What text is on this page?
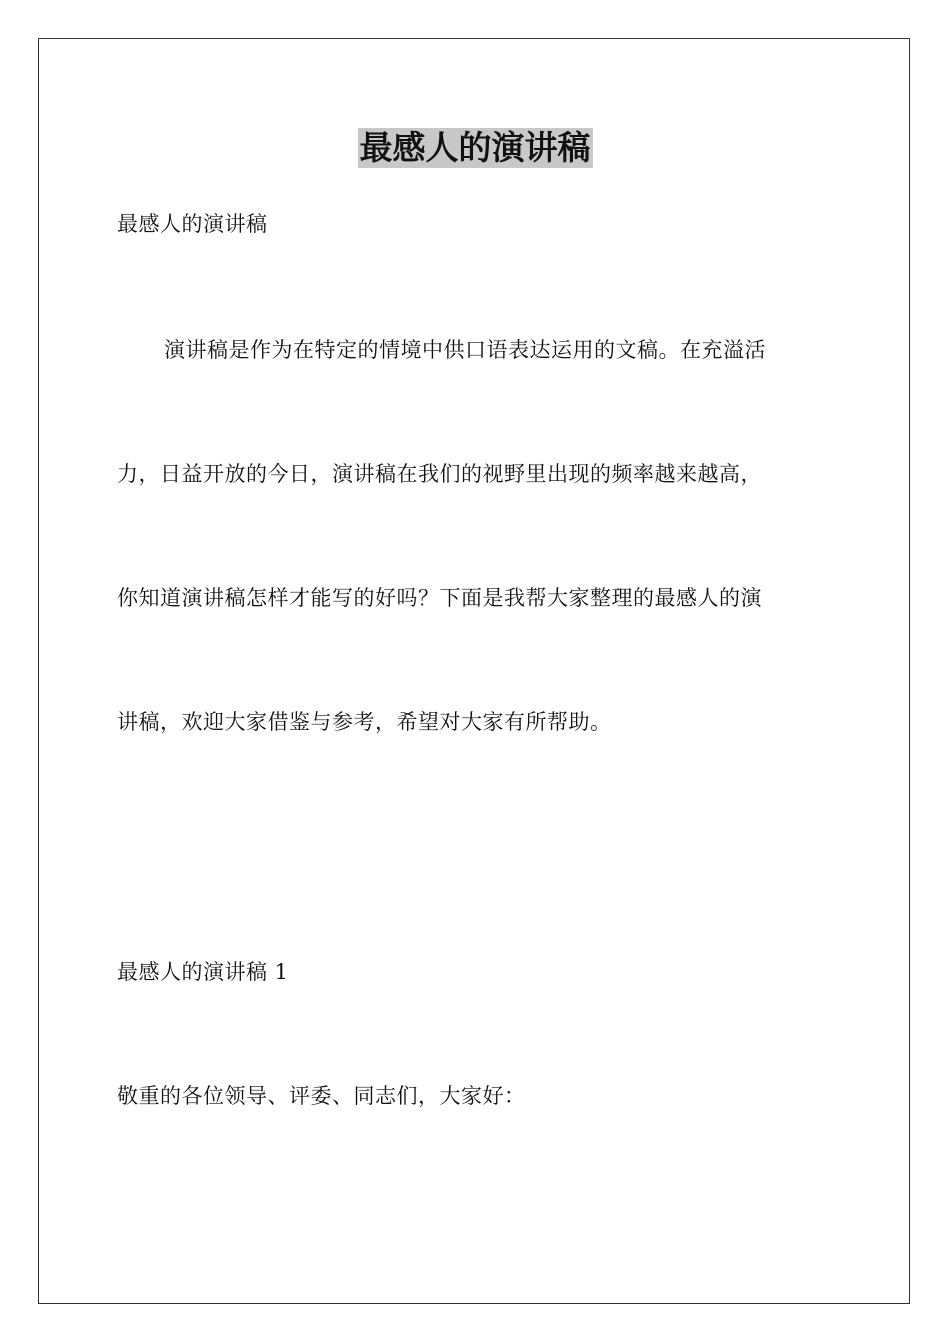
最感人的演讲稿
最感人的演讲稿
演讲稿是作为在特定的情境中供口语表达运用的文稿。在充溢活
力，日益开放的今日，演讲稿在我们的视野里出现的频率越来越高，
你知道演讲稿怎样才能写的好吗？下面是我帮大家整理的最感人的演
讲稿，欢迎大家借鉴与参考，希望对大家有所帮助。
最感人的演讲稿 1
敬重的各位领导、评委、同志们，大家好：
